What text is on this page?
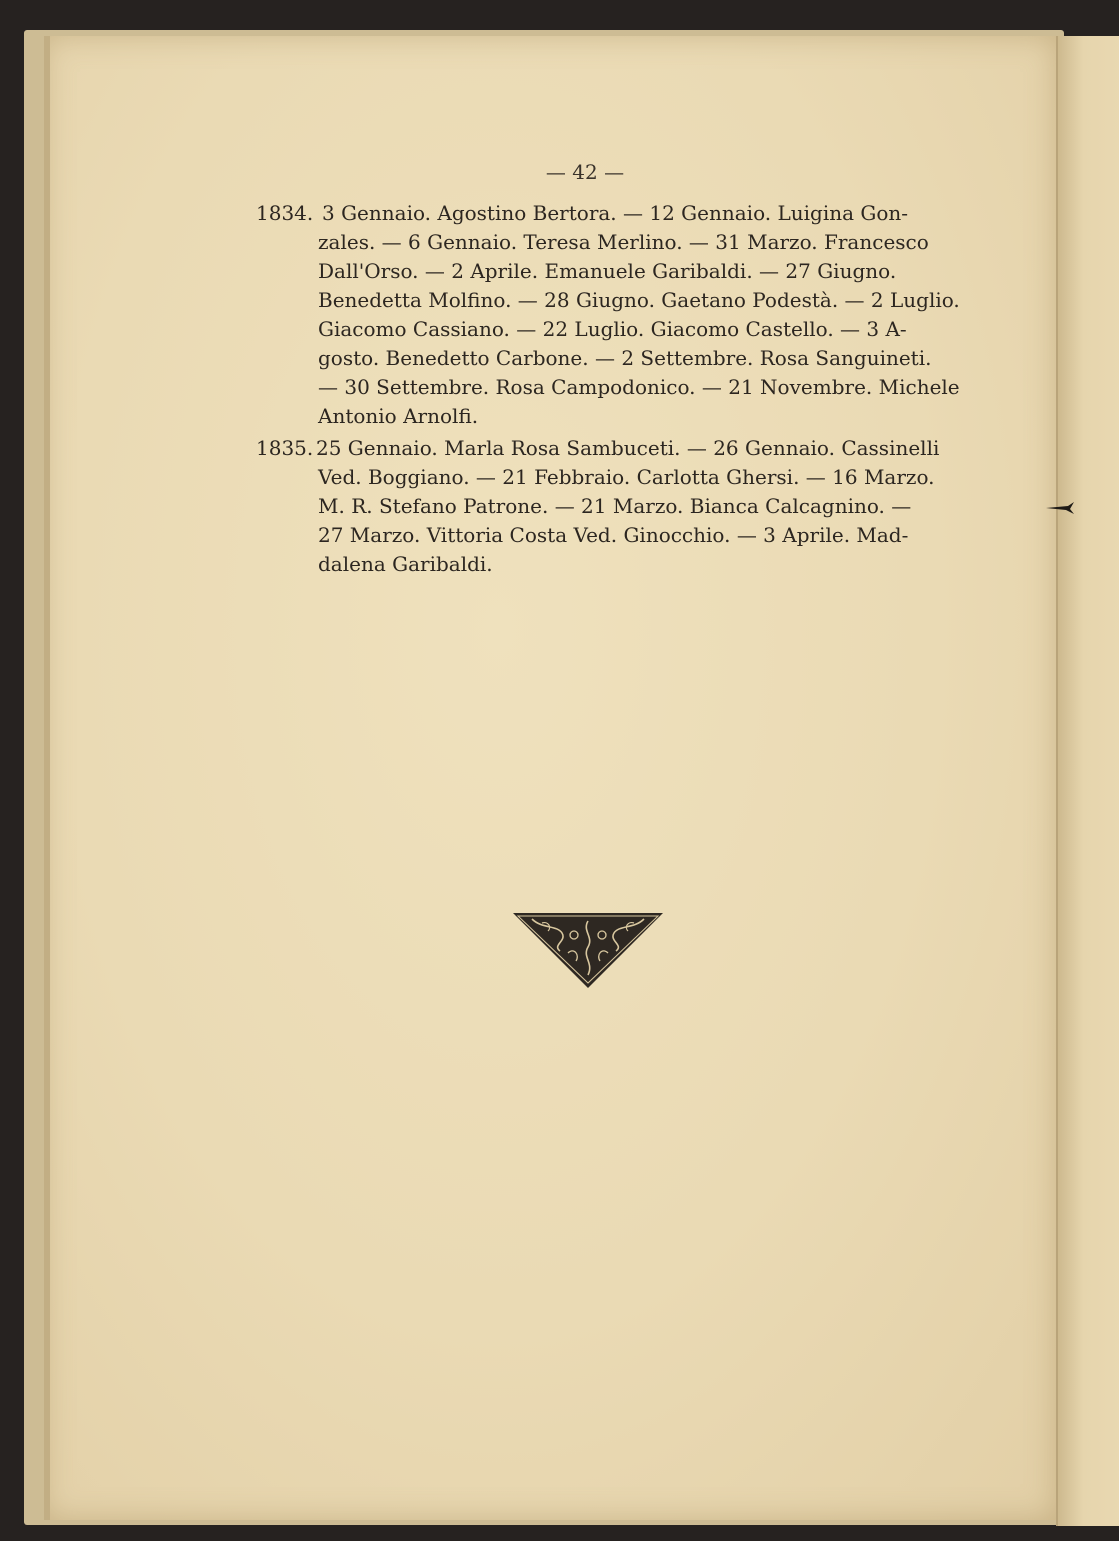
— 42 —
1834. 3 Gennaio. Agostino Bertora. — 12 Gennaio. Luigina Gon-
zales. — 6 Gennaio. Teresa Merlino. — 31 Marzo. Francesco
Dall'Orso. — 2 Aprile. Emanuele Garibaldi. — 27 Giugno.
Benedetta Molfino. — 28 Giugno. Gaetano Podestà. — 2 Luglio.
Giacomo Cassiano. — 22 Luglio. Giacomo Castello. — 3 A-
gosto. Benedetto Carbone. — 2 Settembre. Rosa Sanguineti.
— 30 Settembre. Rosa Campodonico. — 21 Novembre. Michele
Antonio Arnolfi.
1835. 25 Gennaio. Marla Rosa Sambuceti. — 26 Gennaio. Cassinelli
Ved. Boggiano. — 21 Febbraio. Carlotta Ghersi. — 16 Marzo.
M. R. Stefano Patrone. — 21 Marzo. Bianca Calcagnino. —
27 Marzo. Vittoria Costa Ved. Ginocchio. — 3 Aprile. Mad-
dalena Garibaldi.
